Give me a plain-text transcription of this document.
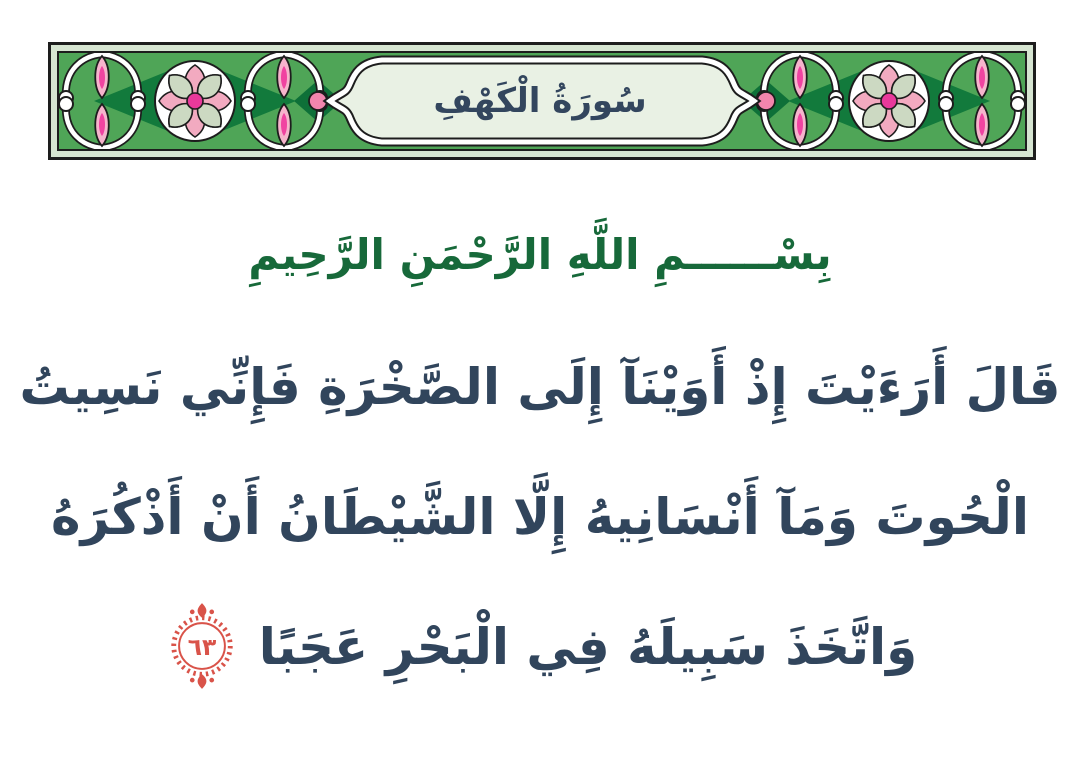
سُورَةُ الْكَهْفِ
بِسْــــــمِ اللَّهِ الرَّحْمَنِ الرَّحِيمِ
قَالَ أَرَءَيْتَ إِذْ أَوَيْنَآ إِلَى الصَّخْرَةِ فَإِنِّي نَسِيتُ
الْحُوتَ وَمَآ أَنْسَانِيهُ إِلَّا الشَّيْطَانُ أَنْ أَذْكُرَهُ
وَاتَّخَذَ سَبِيلَهُ فِي الْبَحْرِ عَجَبًا
٦٣
